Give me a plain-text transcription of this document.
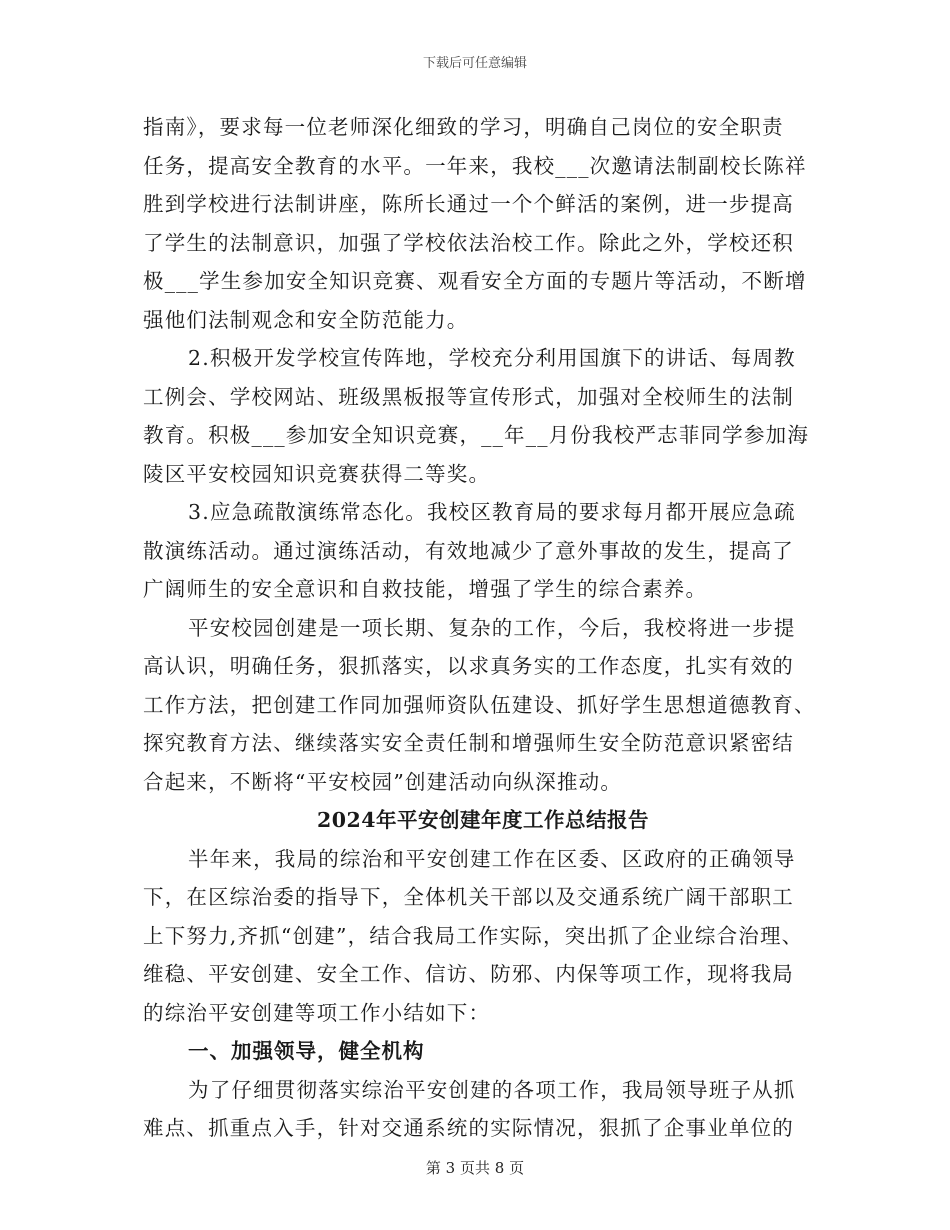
下载后可任意编辑
指南》，要求每一位老师深化细致的学习，明确自己岗位的安全职责
任务，提高安全教育的水平。一年来，我校___次邀请法制副校长陈祥
胜到学校进行法制讲座，陈所长通过一个个鲜活的案例，进一步提高
了学生的法制意识，加强了学校依法治校工作。除此之外，学校还积
极___学生参加安全知识竞赛、观看安全方面的专题片等活动，不断增
强他们法制观念和安全防范能力。
2.积极开发学校宣传阵地，学校充分利用国旗下的讲话、每周教
工例会、学校网站、班级黑板报等宣传形式，加强对全校师生的法制
教育。积极___参加安全知识竞赛，__年__月份我校严志菲同学参加海
陵区平安校园知识竞赛获得二等奖。
3.应急疏散演练常态化。我校区教育局的要求每月都开展应急疏
散演练活动。通过演练活动，有效地减少了意外事故的发生，提高了
广阔师生的安全意识和自救技能，增强了学生的综合素养。
平安校园创建是一项长期、复杂的工作，今后，我校将进一步提
高认识，明确任务，狠抓落实，以求真务实的工作态度，扎实有效的
工作方法，把创建工作同加强师资队伍建设、抓好学生思想道德教育、
探究教育方法、继续落实安全责任制和增强师生安全防范意识紧密结
合起来，不断将“平安校园”创建活动向纵深推动。
2024年平安创建年度工作总结报告
半年来，我局的综治和平安创建工作在区委、区政府的正确领导
下，在区综治委的指导下，全体机关干部以及交通系统广阔干部职工
上下努力,齐抓“创建”，结合我局工作实际，突出抓了企业综合治理、
维稳、平安创建、安全工作、信访、防邪、内保等项工作，现将我局
的综治平安创建等项工作小结如下：
一、加强领导，健全机构
为了仔细贯彻落实综治平安创建的各项工作，我局领导班子从抓
难点、抓重点入手，针对交通系统的实际情况，狠抓了企事业单位的
第 3 页共 8 页
